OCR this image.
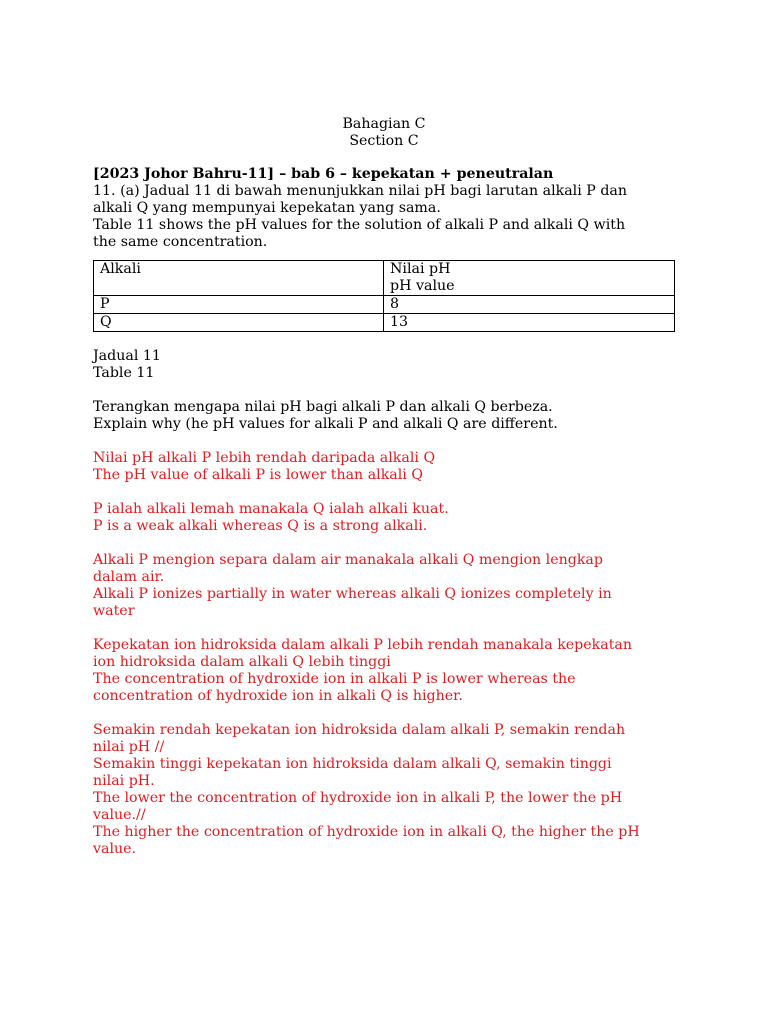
Bahagian C
Section C
[2023 Johor Bahru-11] – bab 6 – kepekatan + peneutralan
11. (a) Jadual 11 di bawah menunjukkan nilai pH bagi larutan alkali P dan
alkali Q yang mempunyai kepekatan yang sama.
Table 11 shows the pH values for the solution of alkali P and alkali Q with
the same concentration.
Alkali	Nilai pH
pH value

P	8
Q	13
Jadual 11
Table 11
Terangkan mengapa nilai pH bagi alkali P dan alkali Q berbeza.
Explain why (he pH values for alkali P and alkali Q are different.
Nilai pH alkali P lebih rendah daripada alkali Q
The pH value of alkali P is lower than alkali Q
P ialah alkali lemah manakala Q ialah alkali kuat.
P is a weak alkali whereas Q is a strong alkali.
Alkali P mengion separa dalam air manakala alkali Q mengion lengkap
dalam air.
Alkali P ionizes partially in water whereas alkali Q ionizes completely in
water
Kepekatan ion hidroksida dalam alkali P lebih rendah manakala kepekatan
ion hidroksida dalam alkali Q lebih tinggi
The concentration of hydroxide ion in alkali P is lower whereas the
concentration of hydroxide ion in alkali Q is higher.
Semakin rendah kepekatan ion hidroksida dalam alkali P, semakin rendah
nilai pH //
Semakin tinggi kepekatan ion hidroksida dalam alkali Q, semakin tinggi
nilai pH.
The lower the concentration of hydroxide ion in alkali P, the lower the pH
value.//
The higher the concentration of hydroxide ion in alkali Q, the higher the pH
value.
